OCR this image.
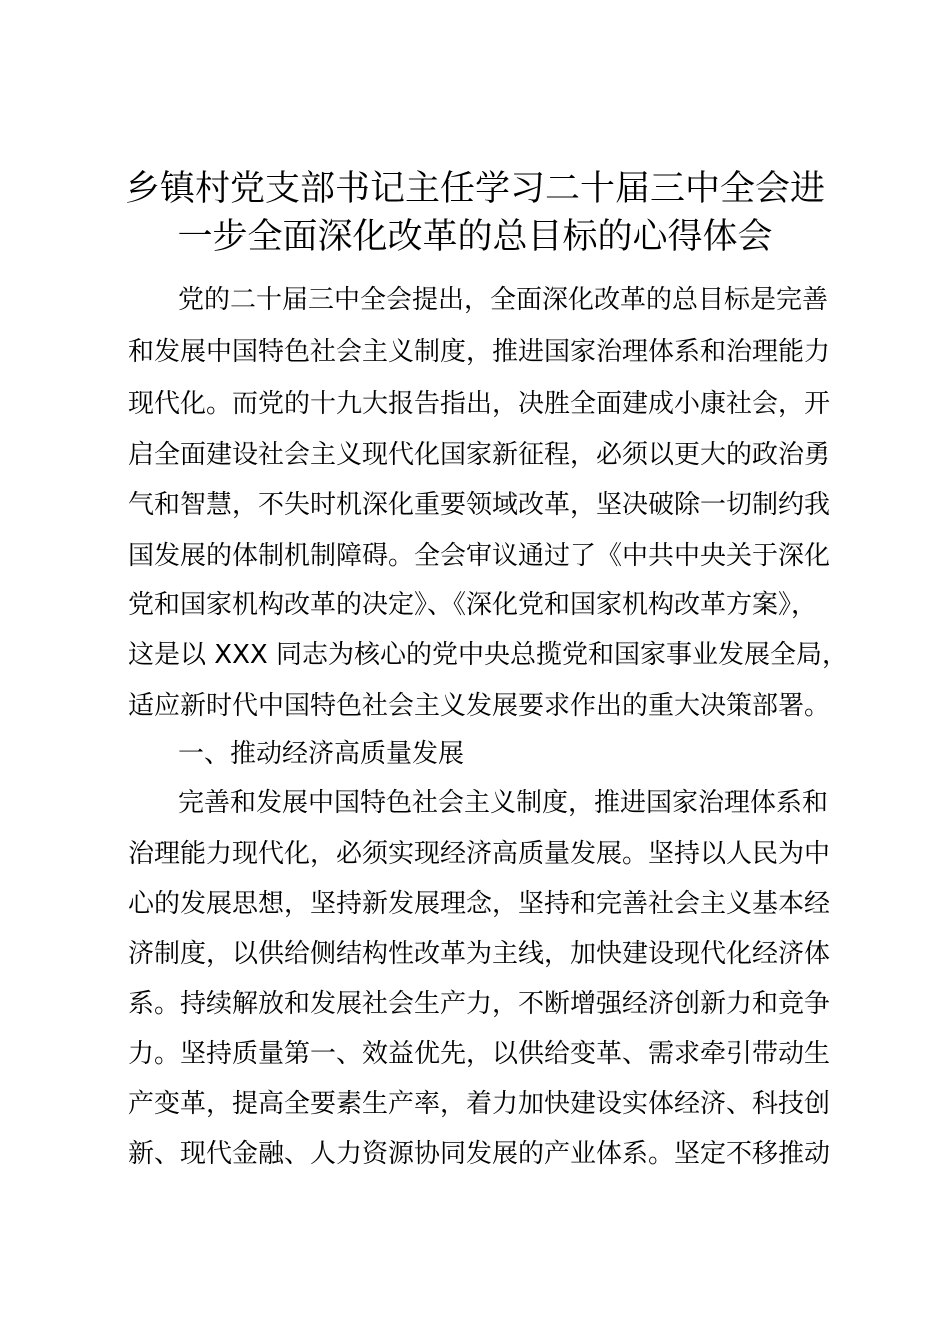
乡镇村党支部书记主任学习二十届三中全会进
一步全面深化改革的总目标的心得体会

党的二十届三中全会提出，全面深化改革的总目标是完善

和发展中国特色社会主义制度，推进国家治理体系和治理能力

现代化。而党的十九大报告指出，决胜全面建成小康社会，开

启全面建设社会主义现代化国家新征程，必须以更大的政治勇

气和智慧，不失时机深化重要领域改革，坚决破除一切制约我

国发展的体制机制障碍。全会审议通过了《中共中央关于深化

党和国家机构改革的决定》、《深化党和国家机构改革方案》，

这是以 XXX 同志为核心的党中央总揽党和国家事业发展全局，

适应新时代中国特色社会主义发展要求作出的重大决策部署。

一、推动经济高质量发展

完善和发展中国特色社会主义制度，推进国家治理体系和

治理能力现代化，必须实现经济高质量发展。坚持以人民为中

心的发展思想，坚持新发展理念，坚持和完善社会主义基本经

济制度，以供给侧结构性改革为主线，加快建设现代化经济体

系。持续解放和发展社会生产力，不断增强经济创新力和竞争

力。坚持质量第一、效益优先，以供给变革、需求牵引带动生

产变革，提高全要素生产率，着力加快建设实体经济、科技创

新、现代金融、人力资源协同发展的产业体系。坚定不移推动
